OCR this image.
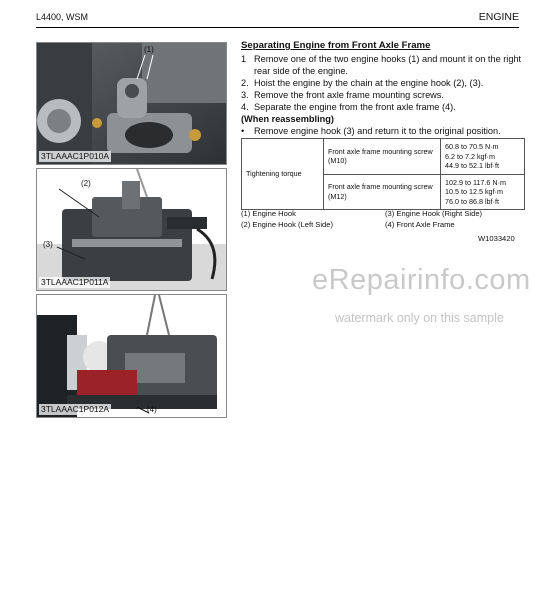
L4400, WSM	ENGINE
(1)
3TLAAAC1P010A
(2)
(3)
3TLAAAC1P011A
(4)
3TLAAAC1P012A
Separating Engine from Front Axle Frame
1 Remove one of the two engine hooks (1) and mount it on the right rear side of the engine.
2. Hoist the engine by the chain at the engine hook (2), (3).
3. Remove the front axle frame mounting screws.
4. Separate the engine from the front axle frame (4).
(When reassembling)
•	Remove engine hook (3) and return it to the original position.
Tightening torque	Front axle frame mounting screw (M10)	60.8 to 70.5 N·m
6.2 to 7.2 kgf·m
44.9 to 52.1 lbf·ft

	Front axle frame mounting screw (M12)	102.9 to 117.6 N·m
10.5 to 12.5 kgf·m
76.0 to 86.8 lbf·ft
(1) Engine Hook	(3) Engine Hook (Right Side)
(2) Engine Hook (Left Side)	(4) Front Axle Frame
W1033420
eRepairinfo.com
watermark only on this sample
